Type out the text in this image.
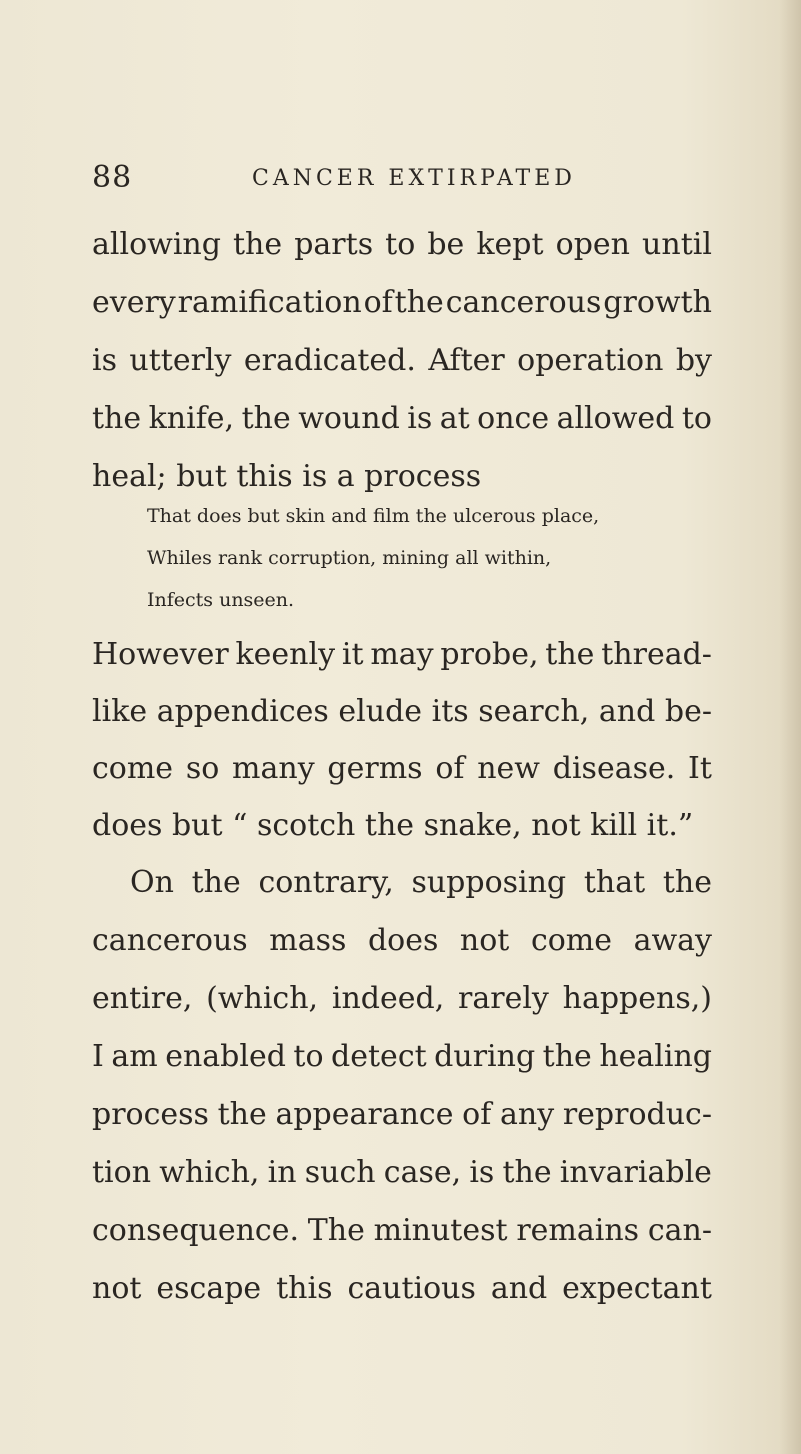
88	CANCER EXTIRPATED
allowing the parts to be kept open until
every ramification of the cancerous growth
is utterly eradicated. After operation by
the knife, the wound is at once allowed to
heal; but this is a process
That does but skin and film the ulcerous place,
Whiles rank corruption, mining all within,
Infects unseen.
However keenly it may probe, the thread-
like appendices elude its search, and be-
come so many germs of new disease. It
does but “ scotch the snake, not kill it.”
On the contrary, supposing that the
cancerous mass does not come away
entire, (which, indeed, rarely happens,)
I am enabled to detect during the healing
process the appearance of any reproduc-
tion which, in such case, is the invariable
consequence. The minutest remains can-
not escape this cautious and expectant
